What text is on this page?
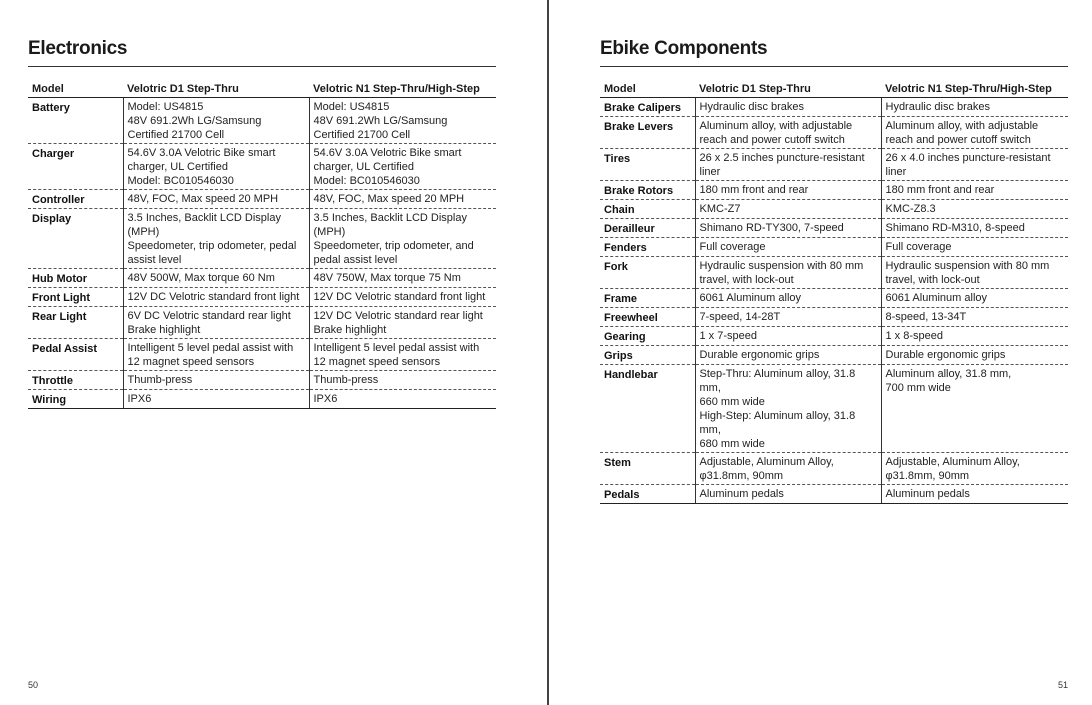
Electronics
Model	Velotric D1 Step-Thru	Velotric N1 Step-Thru/High-Step
Battery	Model: US4815
48V 691.2Wh LG/Samsung
Certified 21700 Cell	Model: US4815
48V 691.2Wh LG/Samsung
Certified 21700 Cell
Charger	54.6V 3.0A Velotric Bike smart
charger, UL Certified
Model: BC010546030	54.6V 3.0A Velotric Bike smart
charger, UL Certified
Model: BC010546030
Controller	48V, FOC, Max speed 20 MPH	48V, FOC, Max speed 20 MPH
Display	3.5 Inches, Backlit LCD Display
(MPH)
Speedometer, trip odometer, pedal
assist level	3.5 Inches, Backlit LCD Display
(MPH)
Speedometer, trip odometer, and
pedal assist level
Hub Motor	48V 500W, Max torque 60 Nm	48V 750W, Max torque 75 Nm
Front Light	12V DC Velotric standard front light	12V DC Velotric standard front light
Rear Light	6V DC Velotric standard rear light
Brake highlight	12V DC Velotric standard rear light
Brake highlight
Pedal Assist	Intelligent 5 level pedal assist with
12 magnet speed sensors	Intelligent 5 level pedal assist with
12 magnet speed sensors
Throttle	Thumb-press	Thumb-press
Wiring	IPX6	IPX6
50
Ebike Components
Model	Velotric D1 Step-Thru	Velotric N1 Step-Thru/High-Step
Brake Calipers	Hydraulic disc brakes	Hydraulic disc brakes
Brake Levers	Aluminum alloy, with adjustable
reach and power cutoff switch	Aluminum alloy, with adjustable
reach and power cutoff switch
Tires	26 x 2.5 inches puncture-resistant
liner	26 x 4.0 inches puncture-resistant
liner
Brake Rotors	180 mm front and rear	180 mm front and rear
Chain	KMC-Z7	KMC-Z8.3
Derailleur	Shimano RD-TY300, 7-speed	Shimano RD-M310, 8-speed
Fenders	Full coverage	Full coverage
Fork	Hydraulic suspension with 80 mm
travel, with lock-out	Hydraulic suspension with 80 mm
travel, with lock-out
Frame	6061 Aluminum alloy	6061 Aluminum alloy
Freewheel	7-speed, 14-28T	8-speed, 13-34T
Gearing	1 x 7-speed	1 x 8-speed
Grips	Durable ergonomic grips	Durable ergonomic grips
Handlebar	Step-Thru: Aluminum alloy, 31.8 mm,
660 mm wide
High-Step: Aluminum alloy, 31.8 mm,
680 mm wide	Aluminum alloy, 31.8 mm,
700 mm wide
Stem	Adjustable, Aluminum Alloy,
φ31.8mm, 90mm	Adjustable, Aluminum Alloy,
φ31.8mm, 90mm
Pedals	Aluminum pedals	Aluminum pedals
51
